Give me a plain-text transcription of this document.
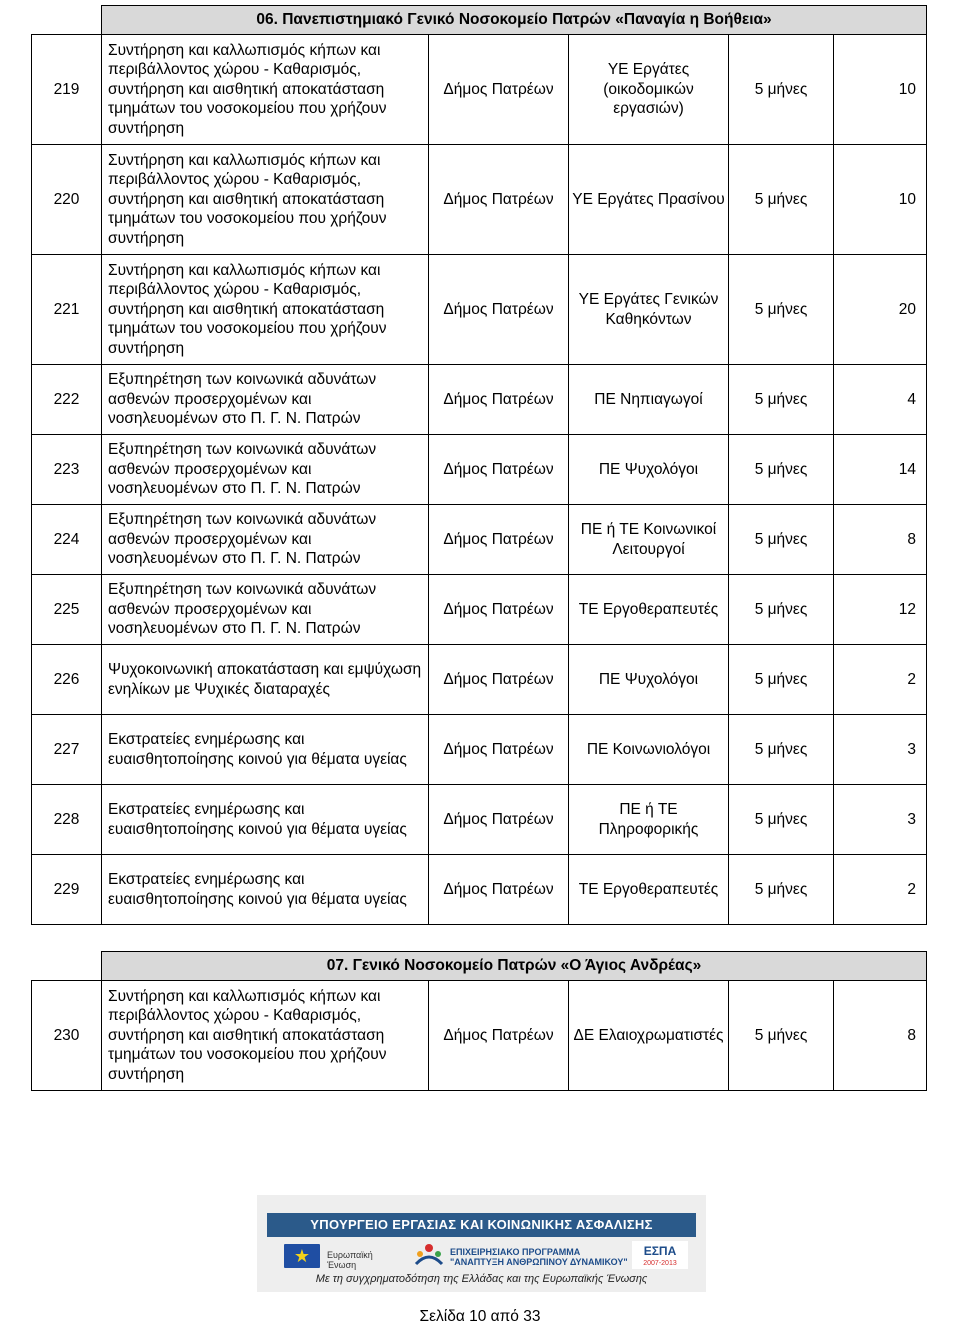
	06. Πανεπιστημιακό Γενικό Νοσοκομείο Πατρών «Παναγία η Βοήθεια»				
219	Συντήρηση και καλλωπισμός κήπων και περιβάλλοντος χώρου - Καθαρισμός, συντήρηση και αισθητική αποκατάσταση τμημάτων του νοσοκομείου που χρήζουν συντήρηση	Δήμος Πατρέων	ΥΕ Εργάτες (οικοδομικών εργασιών)	5 μήνες	10
220	Συντήρηση και καλλωπισμός κήπων και περιβάλλοντος χώρου - Καθαρισμός, συντήρηση και αισθητική αποκατάσταση τμημάτων του νοσοκομείου που χρήζουν συντήρηση	Δήμος Πατρέων	ΥΕ Εργάτες Πρασίνου	5 μήνες	10
221	Συντήρηση και καλλωπισμός κήπων και περιβάλλοντος χώρου - Καθαρισμός, συντήρηση και αισθητική αποκατάσταση τμημάτων του νοσοκομείου που χρήζουν συντήρηση	Δήμος Πατρέων	ΥΕ Εργάτες Γενικών Καθηκόντων	5 μήνες	20
222	Εξυπηρέτηση των κοινωνικά αδυνάτων ασθενών προσερχομένων και νοσηλευομένων στο Π. Γ. Ν. Πατρών	Δήμος Πατρέων	ΠΕ Νηπιαγωγοί	5 μήνες	4
223	Εξυπηρέτηση των κοινωνικά αδυνάτων ασθενών προσερχομένων και νοσηλευομένων στο Π. Γ. Ν. Πατρών	Δήμος Πατρέων	ΠΕ Ψυχολόγοι	5 μήνες	14
224	Εξυπηρέτηση των κοινωνικά αδυνάτων ασθενών προσερχομένων και νοσηλευομένων στο Π. Γ. Ν. Πατρών	Δήμος Πατρέων	ΠΕ ή ΤΕ Κοινωνικοί Λειτουργοί	5 μήνες	8
225	Εξυπηρέτηση των κοινωνικά αδυνάτων ασθενών προσερχομένων και νοσηλευομένων στο Π. Γ. Ν. Πατρών	Δήμος Πατρέων	ΤΕ Εργοθεραπευτές	5 μήνες	12
226	Ψυχοκοινωνική αποκατάσταση και εμψύχωση ενηλίκων με Ψυχικές διαταραχές	Δήμος Πατρέων	ΠΕ Ψυχολόγοι	5 μήνες	2
227	Εκστρατείες ενημέρωσης και ευαισθητοποίησης κοινού για θέματα υγείας	Δήμος Πατρέων	ΠΕ Κοινωνιολόγοι	5 μήνες	3
228	Εκστρατείες ενημέρωσης και ευαισθητοποίησης κοινού για θέματα υγείας	Δήμος Πατρέων	ΠΕ ή ΤΕ Πληροφορικής	5 μήνες	3
229	Εκστρατείες ενημέρωσης και ευαισθητοποίησης κοινού για θέματα υγείας	Δήμος Πατρέων	ΤΕ Εργοθεραπευτές	5 μήνες	2
	07. Γενικό Νοσοκομείο Πατρών «Ο Άγιος Ανδρέας»				
230	Συντήρηση και καλλωπισμός κήπων και περιβάλλοντος χώρου - Καθαρισμός, συντήρηση και αισθητική αποκατάσταση τμημάτων του νοσοκομείου που χρήζουν συντήρηση	Δήμος Πατρέων	ΔΕ Ελαιοχρωματιστές	5 μήνες	8
ΥΠΟΥΡΓΕΙΟ ΕΡΓΑΣΙΑΣ ΚΑΙ ΚΟΙΝΩΝΙΚΗΣ ΑΣΦΑΛΙΣΗΣ
★	Ευρωπαϊκή Ένωση
ΕΠΙΧΕΙΡΗΣΙΑΚΟ ΠΡΟΓΡΑΜΜΑ
"ΑΝΑΠΤΥΞΗ ΑΝΘΡΩΠΙΝΟΥ ΔΥΝΑΜΙΚΟΥ"
ΕΣΠΑ
2007-2013
Με τη συγχρηματοδότηση της Ελλάδας και της Ευρωπαϊκής Ένωσης
Σελίδα 10 από 33
